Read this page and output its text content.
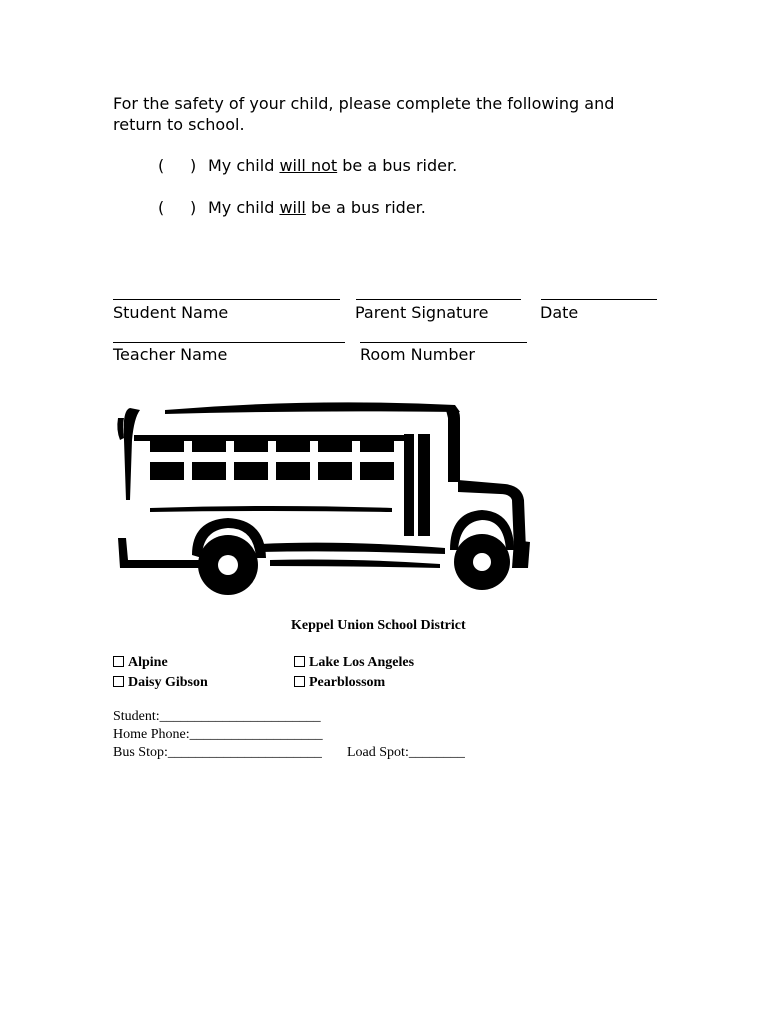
For the safety of your child, please complete the following and return to school.
( ) My child will not be a bus rider.
( ) My child will be a bus rider.
Student Name	Parent Signature	Date
Teacher Name	Room Number
Keppel Union School District
Alpine	Lake Los Angeles
Daisy Gibson	Pearblossom
Student:_______________________
Home Phone:___________________
Bus Stop:______________________ Load Spot:________
